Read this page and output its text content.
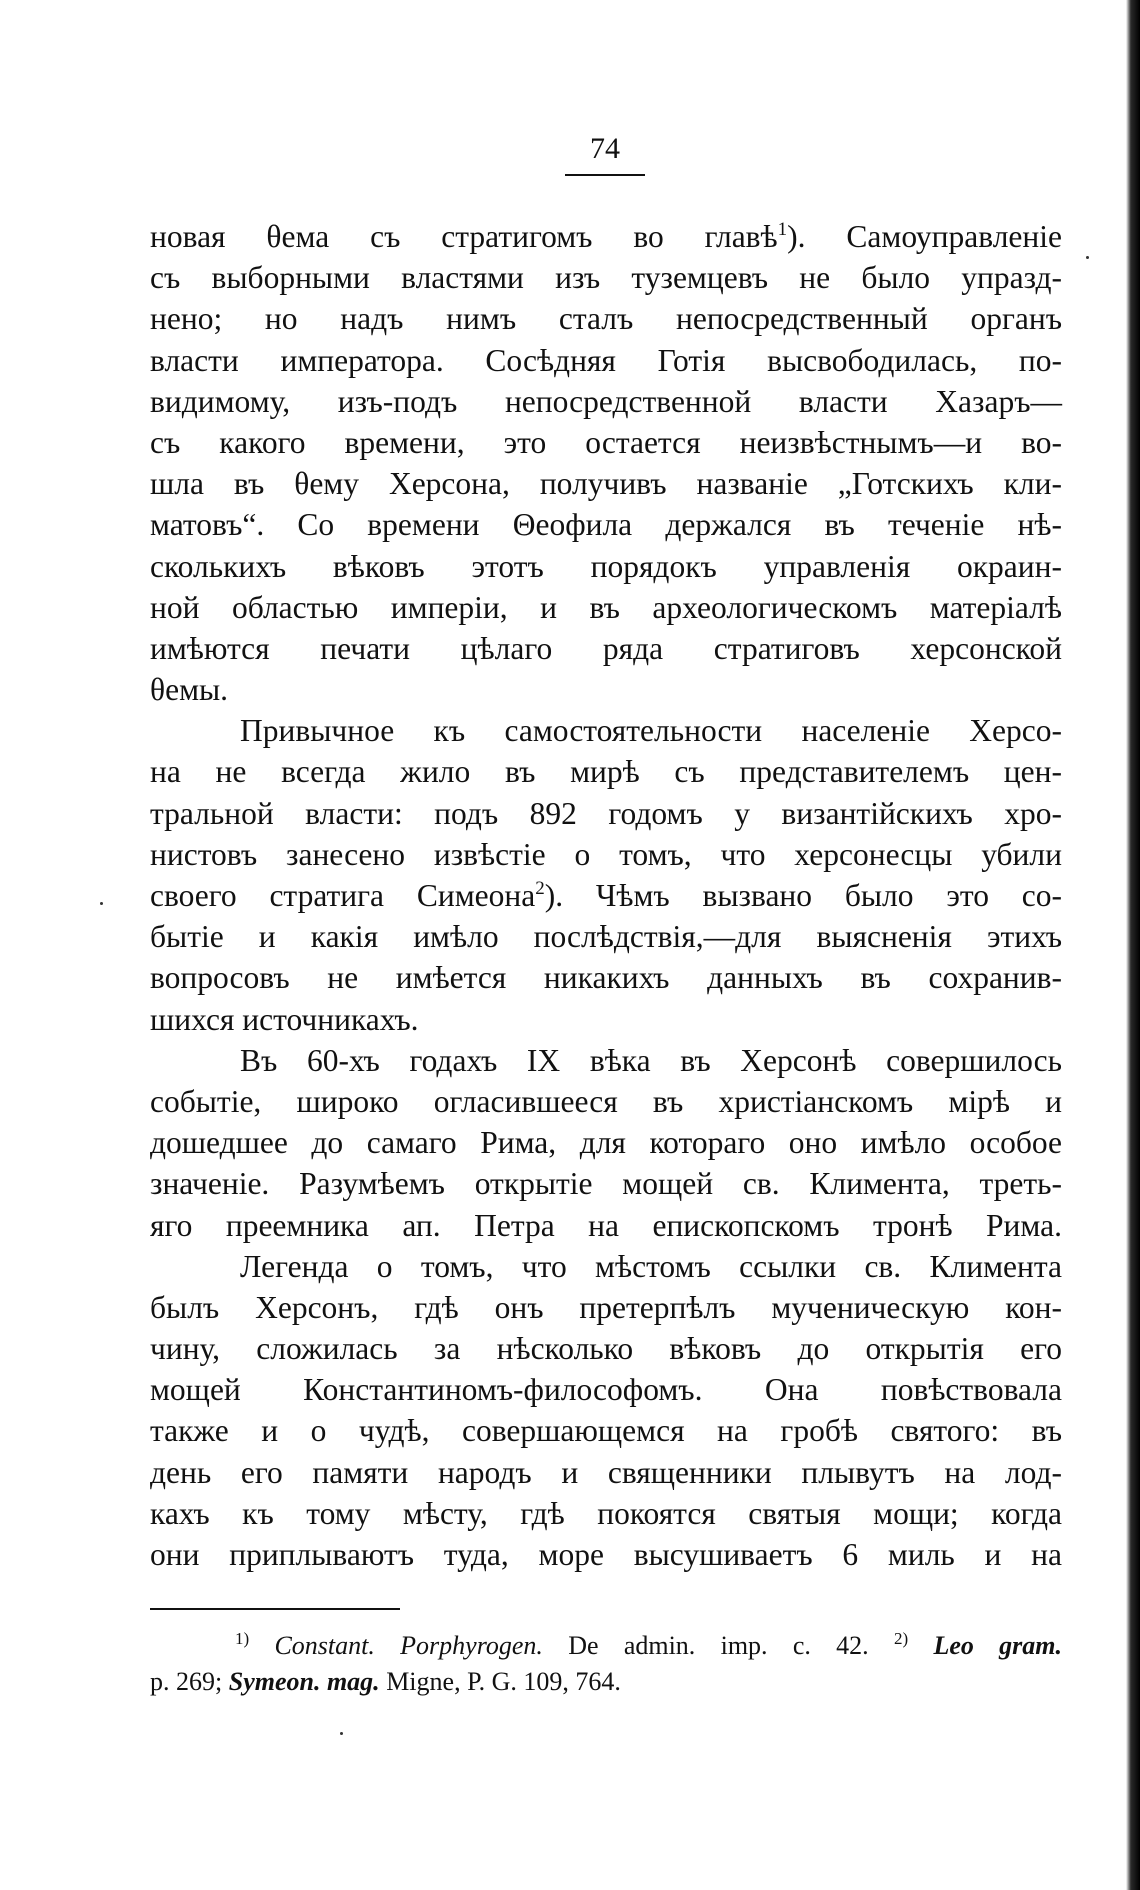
74
новая θема съ стратигомъ во главѣ$^1$). Самоуправленіе
съ выборными властями изъ туземцевъ не было упразд-
нено; но надъ нимъ сталъ непосредственный органъ
власти императора. Сосѣдняя Готія высвободилась, по-
видимому, изъ-подъ непосредственной власти Хазаръ—
съ какого времени, это остается неизвѣстнымъ—и во-
шла въ θему Херсона, получивъ названіе „Готскихъ кли-
матовъ“. Со времени Θеофила держался въ теченіе нѣ-
сколькихъ вѣковъ этотъ порядокъ управленія окраин-
ной областью имперіи, и въ археологическомъ матеріалѣ
имѣются печати цѣлаго ряда стратиговъ херсонской
θемы.
Привычное къ самостоятельности населеніе Херсо-
на не всегда жило въ мирѣ съ представителемъ цен-
тральной власти: подъ 892 годомъ у византійскихъ хро-
нистовъ занесено извѣстіе о томъ, что херсонесцы убили
своего стратига Симеона$^2$). Чѣмъ вызвано было это со-
бытіе и какія имѣло послѣдствія,—для выясненія этихъ
вопросовъ не имѣется никакихъ данныхъ въ сохранив-
шихся источникахъ.
Въ 60-хъ годахъ IX вѣка въ Херсонѣ совершилось
событіе, широко огласившееся въ христіанскомъ мірѣ и
дошедшее до самаго Рима, для котораго оно имѣло особое
значеніе. Разумѣемъ открытіе мощей св. Климента, треть-
яго преемника ап. Петра на епископскомъ тронѣ Рима.
Легенда о томъ, что мѣстомъ ссылки св. Климента
былъ Херсонъ, гдѣ онъ претерпѣлъ мученическую кон-
чину, сложилась за нѣсколько вѣковъ до открытія его
мощей Константиномъ-философомъ. Она повѣствовала
также и о чудѣ, совершающемся на гробѣ святого: въ
день его памяти народъ и священники плывутъ на лод-
кахъ къ тому мѣсту, гдѣ покоятся святыя мощи; когда
они приплываютъ туда, море высушиваетъ 6 миль и на
$^{1)}$ Constant. Porphyrogen. De admin. imp. c. 42. $^{2)}$ Leo gram.
p. 269; Symeon. mag. Migne, P. G. 109, 764.
